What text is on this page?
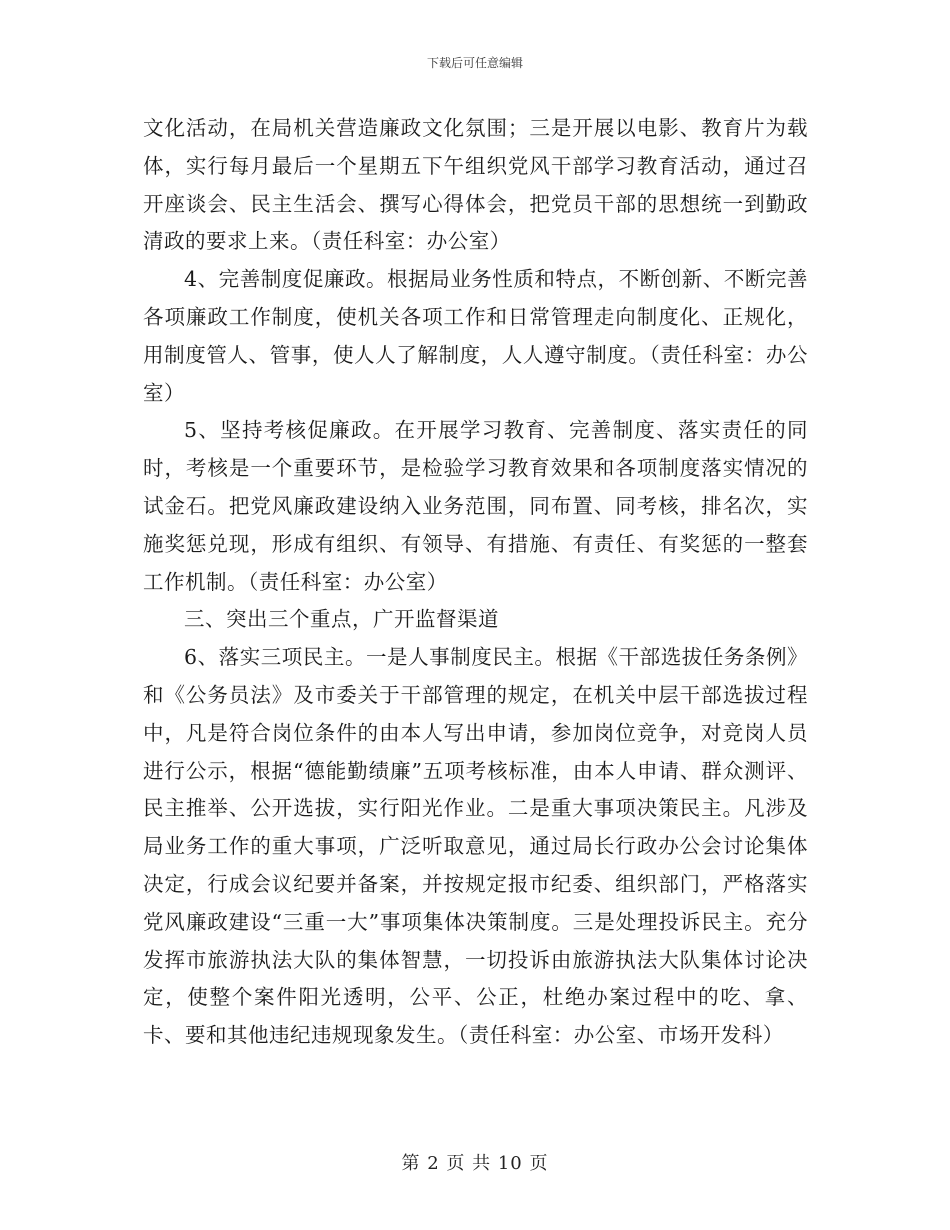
下载后可任意编辑

文化活动，在局机关营造廉政文化氛围；三是开展以电影、教育片为载体，实行每月最后一个星期五下午组织党风干部学习教育活动，通过召开座谈会、民主生活会、撰写心得体会，把党员干部的思想统一到勤政清政的要求上来。（责任科室：办公室）

4、完善制度促廉政。根据局业务性质和特点，不断创新、不断完善各项廉政工作制度，使机关各项工作和日常管理走向制度化、正规化，用制度管人、管事，使人人了解制度，人人遵守制度。（责任科室：办公室）

5、坚持考核促廉政。在开展学习教育、完善制度、落实责任的同时，考核是一个重要环节，是检验学习教育效果和各项制度落实情况的试金石。把党风廉政建设纳入业务范围，同布置、同考核，排名次，实施奖惩兑现，形成有组织、有领导、有措施、有责任、有奖惩的一整套工作机制。（责任科室：办公室）

三、突出三个重点，广开监督渠道

6、落实三项民主。一是人事制度民主。根据《干部选拔任务条例》和《公务员法》及市委关于干部管理的规定，在机关中层干部选拔过程中，凡是符合岗位条件的由本人写出申请，参加岗位竞争，对竞岗人员进行公示，根据“德能勤绩廉”五项考核标准，由本人申请、群众测评、民主推举、公开选拔，实行阳光作业。二是重大事项决策民主。凡涉及局业务工作的重大事项，广泛听取意见，通过局长行政办公会讨论集体决定，行成会议纪要并备案，并按规定报市纪委、组织部门，严格落实党风廉政建设“三重一大”事项集体决策制度。三是处理投诉民主。充分发挥市旅游执法大队的集体智慧，一切投诉由旅游执法大队集体讨论决定，使整个案件阳光透明，公平、公正，杜绝办案过程中的吃、拿、卡、要和其他违纪违规现象发生。（责任科室：办公室、市场开发科）

第 2 页 共 10 页
